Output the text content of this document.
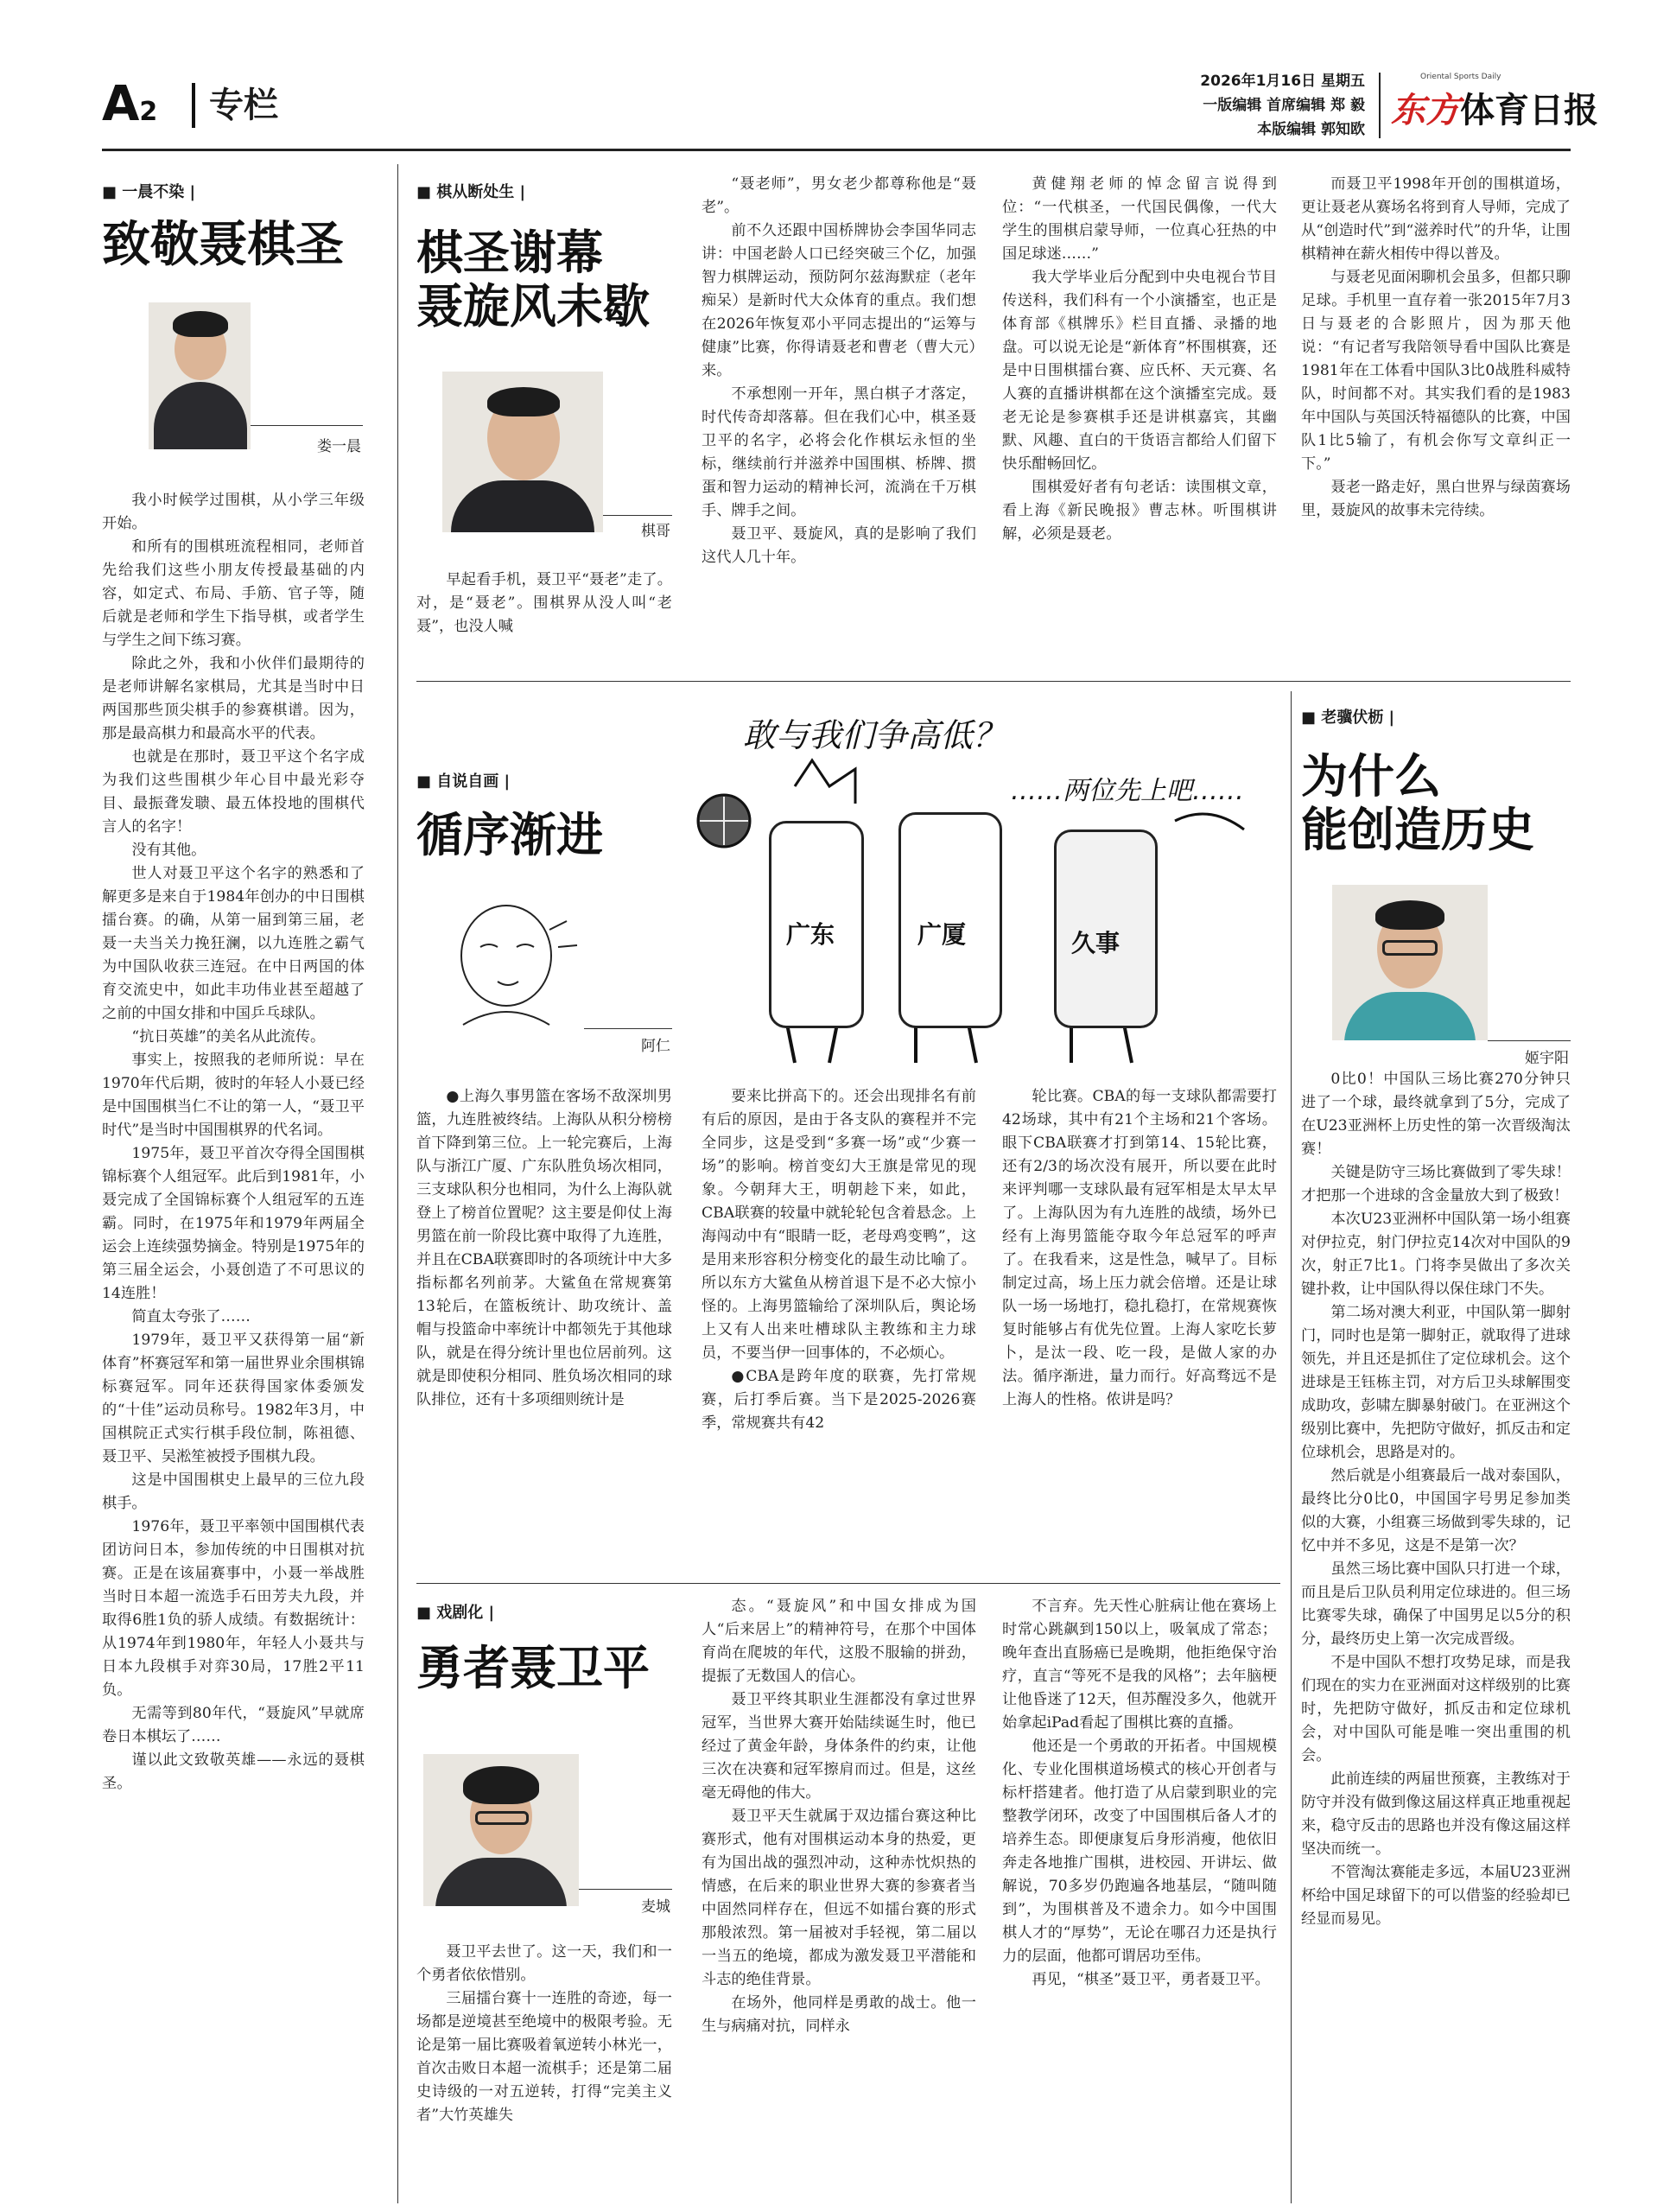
A2	专栏
2026年1月16日 星期五
一版编辑 首席编辑 郑 毅 本版编辑 郭知欧
Oriental Sports Daily
东方体育日报
■ 一晨不染 |
致敬聂棋圣
娄一晨

我小时候学过围棋，从小学三年级开始。

和所有的围棋班流程相同，老师首先给我们这些小朋友传授最基础的内容，如定式、布局、手筋、官子等，随后就是老师和学生下指导棋，或者学生与学生之间下练习赛。

除此之外，我和小伙伴们最期待的是老师讲解名家棋局，尤其是当时中日两国那些顶尖棋手的参赛棋谱。因为，那是最高棋力和最高水平的代表。

也就是在那时，聂卫平这个名字成为我们这些围棋少年心目中最光彩夺目、最振聋发聩、最五体投地的围棋代言人的名字！

没有其他。

世人对聂卫平这个名字的熟悉和了解更多是来自于1984年创办的中日围棋擂台赛。的确，从第一届到第三届，老聂一夫当关力挽狂澜，以九连胜之霸气为中国队收获三连冠。在中日两国的体育交流史中，如此丰功伟业甚至超越了之前的中国女排和中国乒乓球队。

“抗日英雄”的美名从此流传。

事实上，按照我的老师所说：早在1970年代后期，彼时的年轻人小聂已经是中国围棋当仁不让的第一人，“聂卫平时代”是当时中国围棋界的代名词。

1975年，聂卫平首次夺得全国围棋锦标赛个人组冠军。此后到1981年，小聂完成了全国锦标赛个人组冠军的五连霸。同时，在1975年和1979年两届全运会上连续强势摘金。特别是1975年的第三届全运会，小聂创造了不可思议的14连胜！

简直太夸张了……

1979年，聂卫平又获得第一届“新体育”杯赛冠军和第一届世界业余围棋锦标赛冠军。同年还获得国家体委颁发的“十佳”运动员称号。1982年3月，中国棋院正式实行棋手段位制，陈祖德、聂卫平、吴淞笙被授予围棋九段。

这是中国围棋史上最早的三位九段棋手。

1976年，聂卫平率领中国围棋代表团访问日本，参加传统的中日围棋对抗赛。正是在该届赛事中，小聂一举战胜当时日本超一流选手石田芳夫九段，并取得6胜1负的骄人成绩。有数据统计：从1974年到1980年，年轻人小聂共与日本九段棋手对弈30局，17胜2平11负。

无需等到80年代，“聂旋风”早就席卷日本棋坛了……

谨以此文致敬英雄——永远的聂棋圣。

■ 棋从断处生 |
棋圣谢幕
聂旋风未歇
棋哥

早起看手机，聂卫平“聂老”走了。对，是“聂老”。围棋界从没人叫“老聂”，也没人喊

“聂老师”，男女老少都尊称他是“聂老”。

前不久还跟中国桥牌协会李国华同志讲：中国老龄人口已经突破三个亿，加强智力棋牌运动，预防阿尔兹海默症（老年痴呆）是新时代大众体育的重点。我们想在2026年恢复邓小平同志提出的“运筹与健康”比赛，你得请聂老和曹老（曹大元）来。

不承想刚一开年，黑白棋子才落定，时代传奇却落幕。但在我们心中，棋圣聂卫平的名字，必将会化作棋坛永恒的坐标，继续前行并滋养中国围棋、桥牌、掼蛋和智力运动的精神长河，流淌在千万棋手、牌手之间。

聂卫平、聂旋风，真的是影响了我们这代人几十年。

黄健翔老师的悼念留言说得到位：“一代棋圣，一代国民偶像，一代大学生的围棋启蒙导师，一位真心狂热的中国足球迷……”

我大学毕业后分配到中央电视台节目传送科，我们科有一个小演播室，也正是体育部《棋牌乐》栏目直播、录播的地盘。可以说无论是“新体育”杯围棋赛，还是中日围棋擂台赛、应氏杯、天元赛、名人赛的直播讲棋都在这个演播室完成。聂老无论是参赛棋手还是讲棋嘉宾，其幽默、风趣、直白的干货语言都给人们留下快乐酣畅回忆。

围棋爱好者有句老话：读围棋文章，看上海《新民晚报》曹志林。听围棋讲解，必须是聂老。

而聂卫平1998年开创的围棋道场，更让聂老从赛场名将到育人导师，完成了从“创造时代”到“滋养时代”的升华，让围棋精神在薪火相传中得以普及。

与聂老见面闲聊机会虽多，但都只聊足球。手机里一直存着一张2015年7月3日与聂老的合影照片，因为那天他说：“有记者写我陪领导看中国队比赛是1981年在工体看中国队3比0战胜科威特队，时间都不对。其实我们看的是1983年中国队与英国沃特福德队的比赛，中国队1比5输了，有机会你写文章纠正一下。”

聂老一路走好，黑白世界与绿茵赛场里，聂旋风的故事未完待续。

■ 自说自画 |
循序渐进
阿仁
敢与我们争高低？
……两位先上吧……
广东	广厦	久事

●上海久事男篮在客场不敌深圳男篮，九连胜被终结。上海队从积分榜榜首下降到第三位。上一轮完赛后，上海队与浙江广厦、广东队胜负场次相同，三支球队积分也相同，为什么上海队就登上了榜首位置呢？这主要是仰仗上海男篮在前一阶段比赛中取得了九连胜，并且在CBA联赛即时的各项统计中大多指标都名列前茅。大鲨鱼在常规赛第13轮后，在篮板统计、助攻统计、盖帽与投篮命中率统计中都领先于其他球队，就是在得分统计里也位居前列。这就是即使积分相同、胜负场次相同的球队排位，还有十多项细则统计是

要来比拼高下的。还会出现排名有前有后的原因，是由于各支队的赛程并不完全同步，这是受到“多赛一场”或“少赛一场”的影响。榜首变幻大王旗是常见的现象。今朝拜大王，明朝趁下来，如此，CBA联赛的较量中就轮轮包含着悬念。上海闯动中有“眼睛一眨，老母鸡变鸭”，这是用来形容积分榜变化的最生动比喻了。所以东方大鲨鱼从榜首退下是不必大惊小怪的。上海男篮输给了深圳队后，舆论场上又有人出来吐槽球队主教练和主力球员，不要当伊一回事体的，不必烦心。

●CBA是跨年度的联赛，先打常规赛，后打季后赛。当下是2025-2026赛季，常规赛共有42

轮比赛。CBA的每一支球队都需要打42场球，其中有21个主场和21个客场。眼下CBA联赛才打到第14、15轮比赛，还有2/3的场次没有展开，所以要在此时来评判哪一支球队最有冠军相是太早太早了。上海队因为有九连胜的战绩，场外已经有上海男篮能夺取今年总冠军的呼声了。在我看来，这是性急，喊早了。目标制定过高，场上压力就会倍增。还是让球队一场一场地打，稳扎稳打，在常规赛恢复时能够占有优先位置。上海人家吃长萝卜，是汰一段、吃一段，是做人家的办法。循序渐进，量力而行。好高骛远不是上海人的性格。侬讲是吗？

■ 戏剧化 |
勇者聂卫平
麦城

聂卫平去世了。这一天，我们和一个勇者依依惜别。

三届擂台赛十一连胜的奇迹，每一场都是逆境甚至绝境中的极限考验。无论是第一届比赛吸着氧逆转小林光一，首次击败日本超一流棋手；还是第二届史诗级的一对五逆转，打得“完美主义者”大竹英雄失

态。“聂旋风”和中国女排成为国人“后来居上”的精神符号，在那个中国体育尚在爬坡的年代，这股不服输的拼劲，提振了无数国人的信心。

聂卫平终其职业生涯都没有拿过世界冠军，当世界大赛开始陆续诞生时，他已经过了黄金年龄，身体条件的约束，让他三次在决赛和冠军擦肩而过。但是，这丝毫无碍他的伟大。

聂卫平天生就属于双边擂台赛这种比赛形式，他有对围棋运动本身的热爱，更有为国出战的强烈冲动，这种赤忱炽热的情感，在后来的职业世界大赛的参赛者当中固然同样存在，但远不如擂台赛的形式那般浓烈。第一届被对手轻视，第二届以一当五的绝境，都成为激发聂卫平潜能和斗志的绝佳背景。

在场外，他同样是勇敢的战士。他一生与病痛对抗，同样永

不言弃。先天性心脏病让他在赛场上时常心跳飙到150以上，吸氧成了常态；晚年查出直肠癌已是晚期，他拒绝保守治疗，直言“等死不是我的风格”；去年脑梗让他昏迷了12天，但苏醒没多久，他就开始拿起iPad看起了围棋比赛的直播。

他还是一个勇敢的开拓者。中国规模化、专业化围棋道场模式的核心开创者与标杆搭建者。他打造了从启蒙到职业的完整教学闭环，改变了中国围棋后备人才的培养生态。即便康复后身形消瘦，他依旧奔走各地推广围棋，进校园、开讲坛、做解说，70多岁仍跑遍各地基层，“随叫随到”，为围棋普及不遗余力。如今中国围棋人才的“厚势”，无论在哪召力还是执行力的层面，他都可谓居功至伟。

再见，“棋圣”聂卫平，勇者聂卫平。

■ 老骥伏枥 |
为什么
能创造历史
姬宇阳

0比0！中国队三场比赛270分钟只进了一个球，最终就拿到了5分，完成了在U23亚洲杯上历史性的第一次晋级淘汰赛！

关键是防守三场比赛做到了零失球！才把那一个进球的含金量放大到了极致！

本次U23亚洲杯中国队第一场小组赛对伊拉克，射门伊拉克14次对中国队的9次，射正7比1。门将李昊做出了多次关键扑救，让中国队得以保住球门不失。

第二场对澳大利亚，中国队第一脚射门，同时也是第一脚射正，就取得了进球领先，并且还是抓住了定位球机会。这个进球是王钰栋主罚，对方后卫头球解围变成助攻，彭啸左脚暴射破门。在亚洲这个级别比赛中，先把防守做好，抓反击和定位球机会，思路是对的。

然后就是小组赛最后一战对泰国队，最终比分0比0，中国国字号男足参加类似的大赛，小组赛三场做到零失球的，记忆中并不多见，这是不是第一次？

虽然三场比赛中国队只打进一个球，而且是后卫队员利用定位球进的。但三场比赛零失球，确保了中国男足以5分的积分，最终历史上第一次完成晋级。

不是中国队不想打攻势足球，而是我们现在的实力在亚洲面对这样级别的比赛时，先把防守做好，抓反击和定位球机会，对中国队可能是唯一突出重围的机会。

此前连续的两届世预赛，主教练对于防守并没有做到像这届这样真正地重视起来，稳守反击的思路也并没有像这届这样坚决而统一。

不管淘汰赛能走多远，本届U23亚洲杯给中国足球留下的可以借鉴的经验却已经显而易见。
